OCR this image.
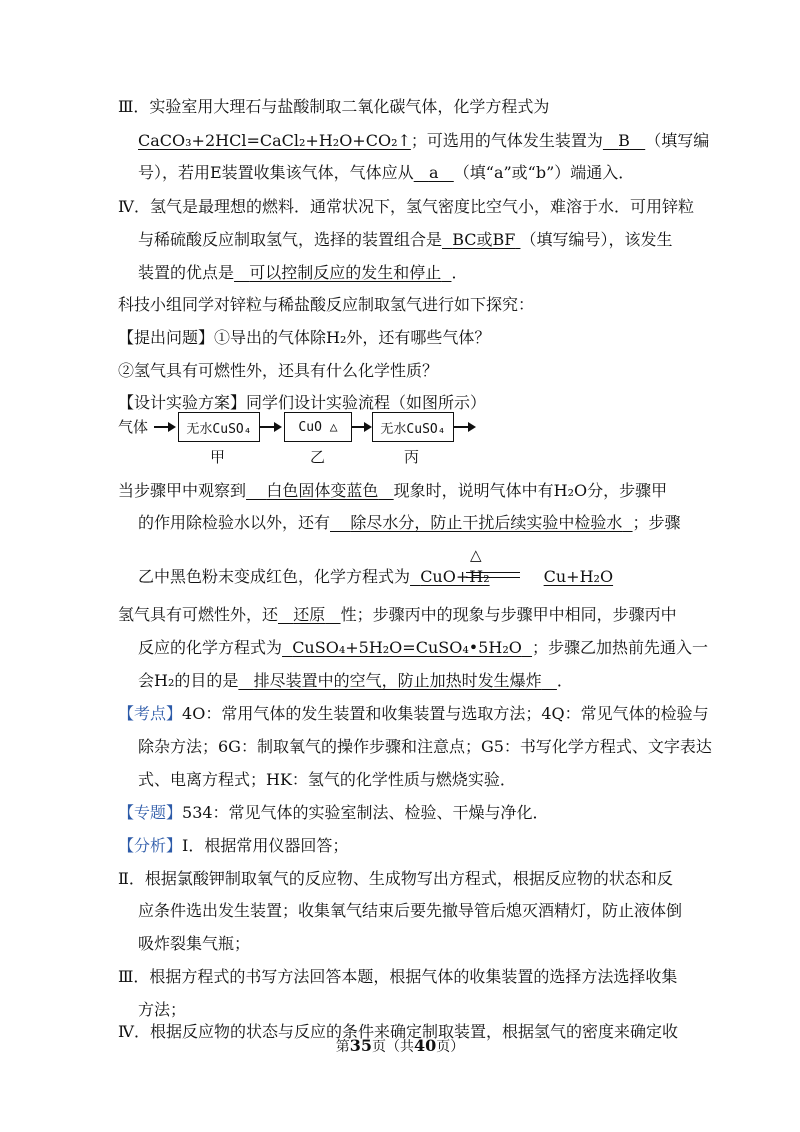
Ⅲ．实验室用大理石与盐酸制取二氧化碳气体，化学方程式为
CaCO₃+2HCl=CaCl₂+H₂O+CO₂↑；可选用的气体发生装置为 B （填写编
号），若用E装置收集该气体，气体应从 a （填“a”或“b”）端通入．
Ⅳ．氢气是最理想的燃料．通常状况下，氢气密度比空气小，难溶于水．可用锌粒
与稀硫酸反应制取氢气，选择的装置组合是 BC或BF （填写编号），该发生
装置的优点是 可以控制反应的发生和停止 ．
科技小组同学对锌粒与稀盐酸反应制取氢气进行如下探究：
【提出问题】①导出的气体除H₂外，还有哪些气体？
②氢气具有可燃性外，还具有什么化学性质？
【设计实验方案】同学们设计实验流程（如图所示）
气体	无水CuSO₄	CuO △	无水CuSO₄
甲	乙	丙
当步骤甲中观察到 白色固体变蓝色 现象时，说明气体中有H₂O分，步骤甲
的作用除检验水以外，还有 除尽水分，防止干扰后续实验中检验水 ；步骤
乙中黑色粉末变成红色，化学方程式为 CuO+H₂
△
Cu+H₂O
氢气具有可燃性外，还 还原 性；步骤丙中的现象与步骤甲中相同，步骤丙中
反应的化学方程式为 CuSO₄+5H₂O=CuSO₄•5H₂O ；步骤乙加热前先通入一
会H₂的目的是 排尽装置中的空气，防止加热时发生爆炸 ．
【考点】4O：常用气体的发生装置和收集装置与选取方法；4Q：常见气体的检验与
除杂方法；6G：制取氧气的操作步骤和注意点；G5：书写化学方程式、文字表达
式、电离方程式；HK：氢气的化学性质与燃烧实验．
【专题】534：常见气体的实验室制法、检验、干燥与净化．
【分析】Ⅰ．根据常用仪器回答；
Ⅱ．根据氯酸钾制取氧气的反应物、生成物写出方程式，根据反应物的状态和反
应条件选出发生装置；收集氧气结束后要先撤导管后熄灭酒精灯，防止液体倒
吸炸裂集气瓶；
Ⅲ．根据方程式的书写方法回答本题，根据气体的收集装置的选择方法选择收集
方法；
Ⅳ．根据反应物的状态与反应的条件来确定制取装置，根据氢气的密度来确定收
第35页（共40页）
